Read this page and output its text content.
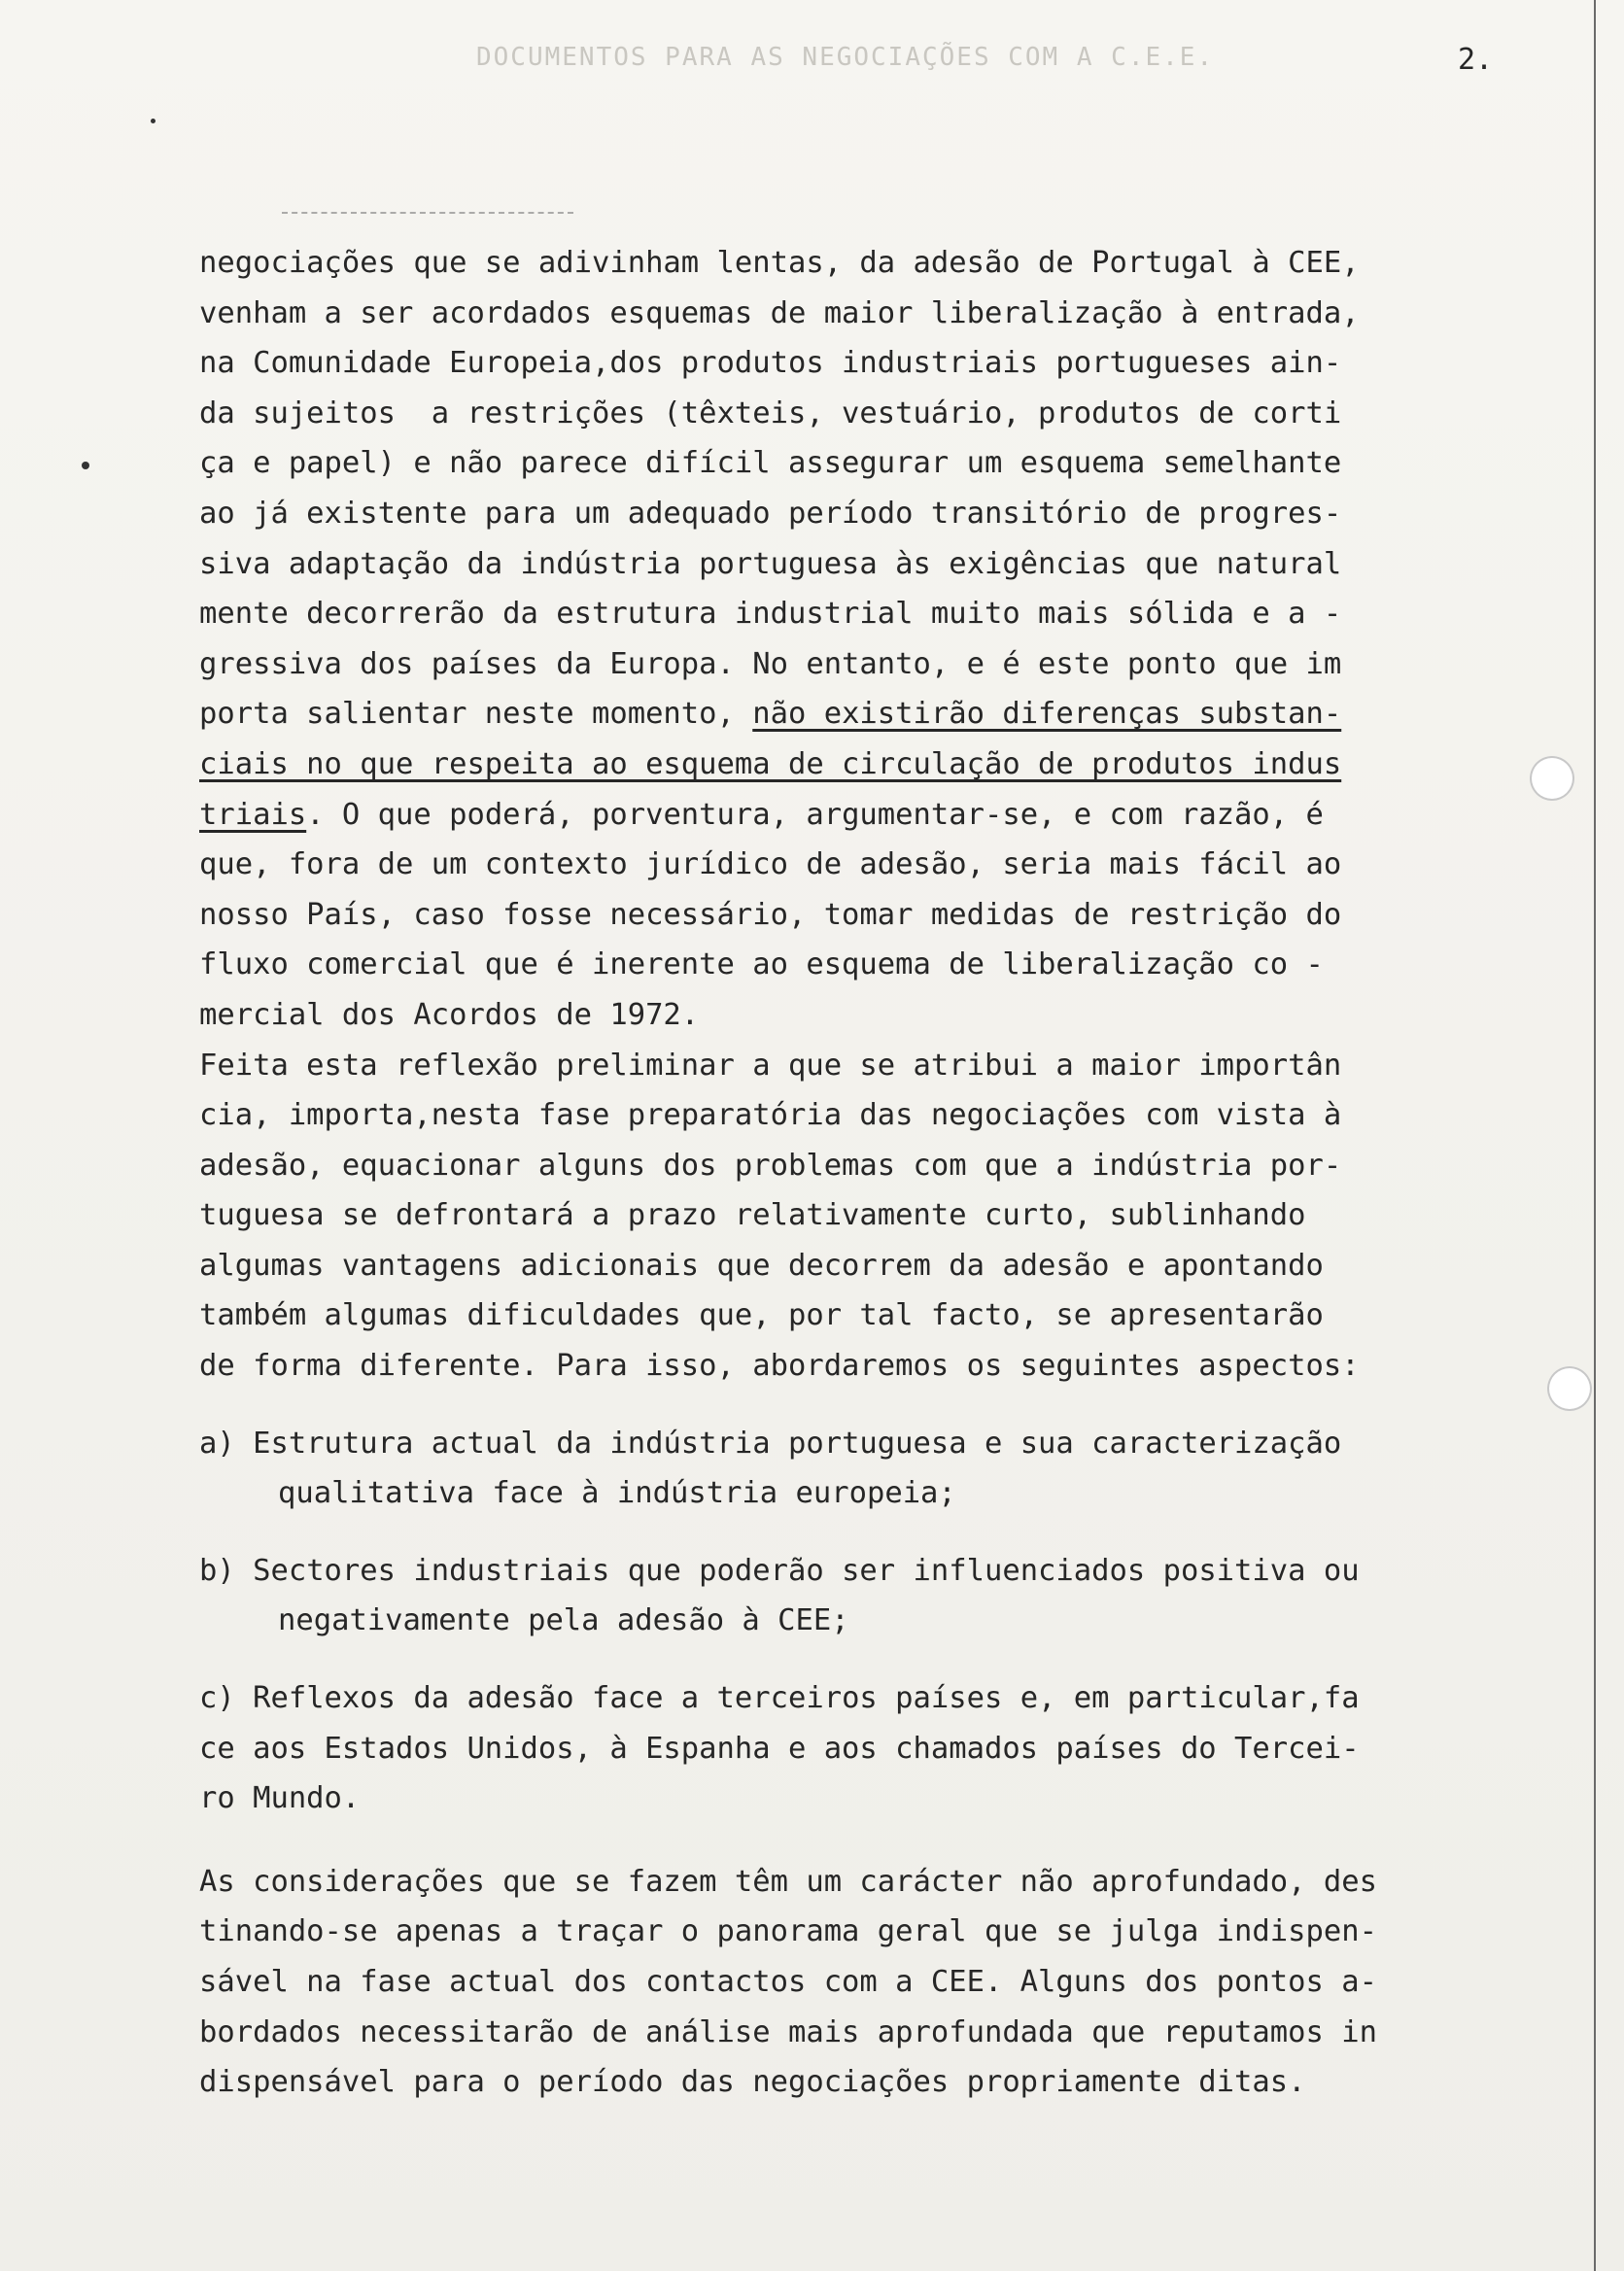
DOCUMENTOS PARA AS NEGOCIAÇÕES COM A C.E.E.	2.
negociações que se adivinham lentas, da adesão de Portugal à CEE,
venham a ser acordados esquemas de maior liberalização à entrada,
na Comunidade Europeia,dos produtos industriais portugueses ain-
da sujeitos  a restrições (têxteis, vestuário, produtos de corti
ça e papel) e não parece difícil assegurar um esquema semelhante
ao já existente para um adequado período transitório de progres-
siva adaptação da indústria portuguesa às exigências que natural
mente decorrerão da estrutura industrial muito mais sólida e a -
gressiva dos países da Europa. No entanto, e é este ponto que im
porta salientar neste momento, não existirão diferenças substan-
ciais no que respeita ao esquema de circulação de produtos indus
triais. O que poderá, porventura, argumentar-se, e com razão, é
que, fora de um contexto jurídico de adesão, seria mais fácil ao
nosso País, caso fosse necessário, tomar medidas de restrição do
fluxo comercial que é inerente ao esquema de liberalização co -
mercial dos Acordos de 1972.
Feita esta reflexão preliminar a que se atribui a maior importân
cia, importa,nesta fase preparatória das negociações com vista à
adesão, equacionar alguns dos problemas com que a indústria por-
tuguesa se defrontará a prazo relativamente curto, sublinhando
algumas vantagens adicionais que decorrem da adesão e apontando
também algumas dificuldades que, por tal facto, se apresentarão
de forma diferente. Para isso, abordaremos os seguintes aspectos:
a) Estrutura actual da indústria portuguesa e sua caracterização
qualitativa face à indústria europeia;
b) Sectores industriais que poderão ser influenciados positiva ou
negativamente pela adesão à CEE;
c) Reflexos da adesão face a terceiros países e, em particular,fa
ce aos Estados Unidos, à Espanha e aos chamados países do Tercei-
ro Mundo.
As considerações que se fazem têm um carácter não aprofundado, des
tinando-se apenas a traçar o panorama geral que se julga indispen-
sável na fase actual dos contactos com a CEE. Alguns dos pontos a-
bordados necessitarão de análise mais aprofundada que reputamos in
dispensável para o período das negociações propriamente ditas.
